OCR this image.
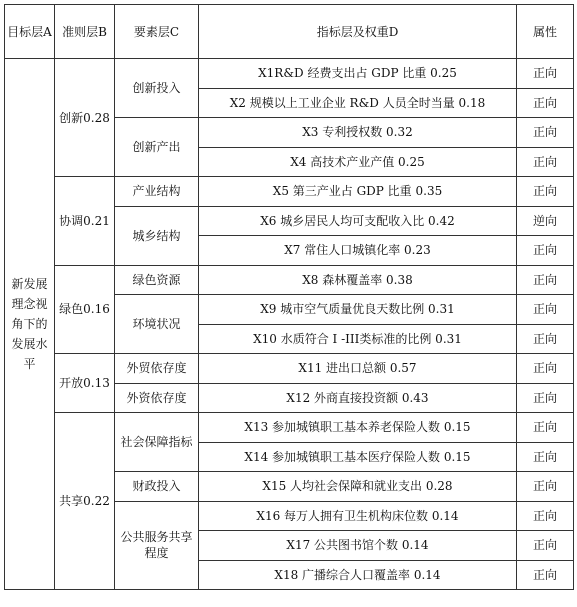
目标层A	准则层B	要素层C	指标层及权重D	属性
新发展理念视角下的发展水平	创新0.28	创新投入	X1R&D 经费支出占 GDP 比重 0.25	正向
			X2 规模以上工业企业 R&D 人员全时当量 0.18	正向
		创新产出	X3 专利授权数 0.32	正向
			X4 高技术产业产值 0.25	正向
	协调0.21	产业结构	X5 第三产业占 GDP 比重 0.35	正向
		城乡结构	X6 城乡居民人均可支配收入比 0.42	逆向
			X7 常住人口城镇化率 0.23	正向
	绿色0.16	绿色资源	X8 森林覆盖率 0.38	正向
		环境状况	X9 城市空气质量优良天数比例 0.31	正向
			X10 水质符合 I -III类标准的比例 0.31	正向
	开放0.13	外贸依存度	X11 进出口总额 0.57	正向
		外资依存度	X12 外商直接投资额 0.43	正向
	共享0.22	社会保障指标	X13 参加城镇职工基本养老保险人数 0.15	正向
			X14 参加城镇职工基本医疗保险人数 0.15	正向
		财政投入	X15 人均社会保障和就业支出 0.28	正向
		公共服务共享程度	X16 每万人拥有卫生机构床位数 0.14	正向
			X17 公共图书馆个数 0.14	正向
			X18 广播综合人口覆盖率 0.14	正向
